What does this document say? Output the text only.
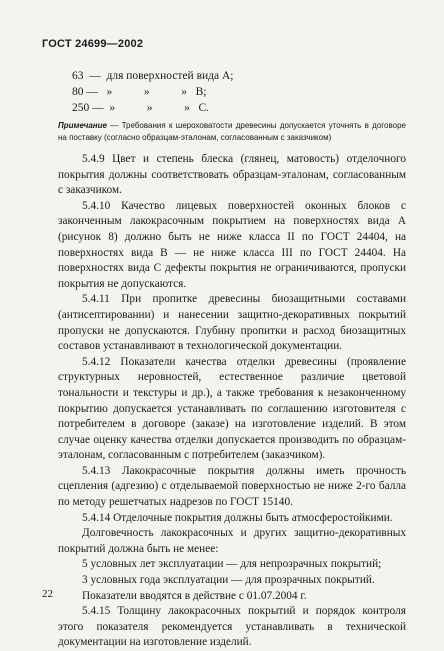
ГОСТ 24699—2002
63  —  для поверхностей вида А;
80 —   »           »           »   В;
250 —  »           »           »   С.
Примечание — Требования к шероховатости древесины допускается уточнять в договоре на поставку (согласно образцам-эталонам, согласованным с заказчиком)

5.4.9 Цвет и степень блеска (глянец, матовость) отделочного покрытия должны соответствовать образцам-эталонам, согласованным с заказчиком.

5.4.10 Качество лицевых поверхностей оконных блоков с законченным лакокрасочным покрытием на поверхностях вида А (рисунок 8) должно быть не ниже класса II по ГОСТ 24404, на поверхностях вида В — не ниже класса III по ГОСТ 24404. На поверхностях вида С дефекты покрытия не ограничиваются, пропуски покрытия не допускаются.

5.4.11 При пропитке древесины биозащитными составами (антисептировании) и нанесении защитно-декоративных покрытий пропуски не допускаются. Глубину пропитки и расход биозащитных составов устанавливают в технологической документации.

5.4.12 Показатели качества отделки древесины (проявление структурных неровностей, естественное различие цветовой тональности и текстуры и др.), а также требования к незаконченному покрытию допускается устанавливать по соглашению изготовителя с потребителем в договоре (заказе) на изготовление изделий. В этом случае оценку качества отделки допускается производить по образцам-эталонам, согласованным с потребителем (заказчиком).

5.4.13 Лакокрасочные покрытия должны иметь прочность сцепления (адгезию) с отделываемой поверхностью не ниже 2-го балла по методу решетчатых надрезов по ГОСТ 15140.

5.4.14 Отделочные покрытия должны быть атмосферостойкими.

Долговечность лакокрасочных и других защитно-декоративных покрытий должна быть не менее:

5 условных лет эксплуатации — для непрозрачных покрытий;

3 условных года эксплуатации — для прозрачных покрытий.

Показатели вводятся в действие с 01.07.2004 г.

5.4.15 Толщину лакокрасочных покрытий и порядок контроля этого показателя рекомендуется устанавливать в технической документации на изготовление изделий.

22
